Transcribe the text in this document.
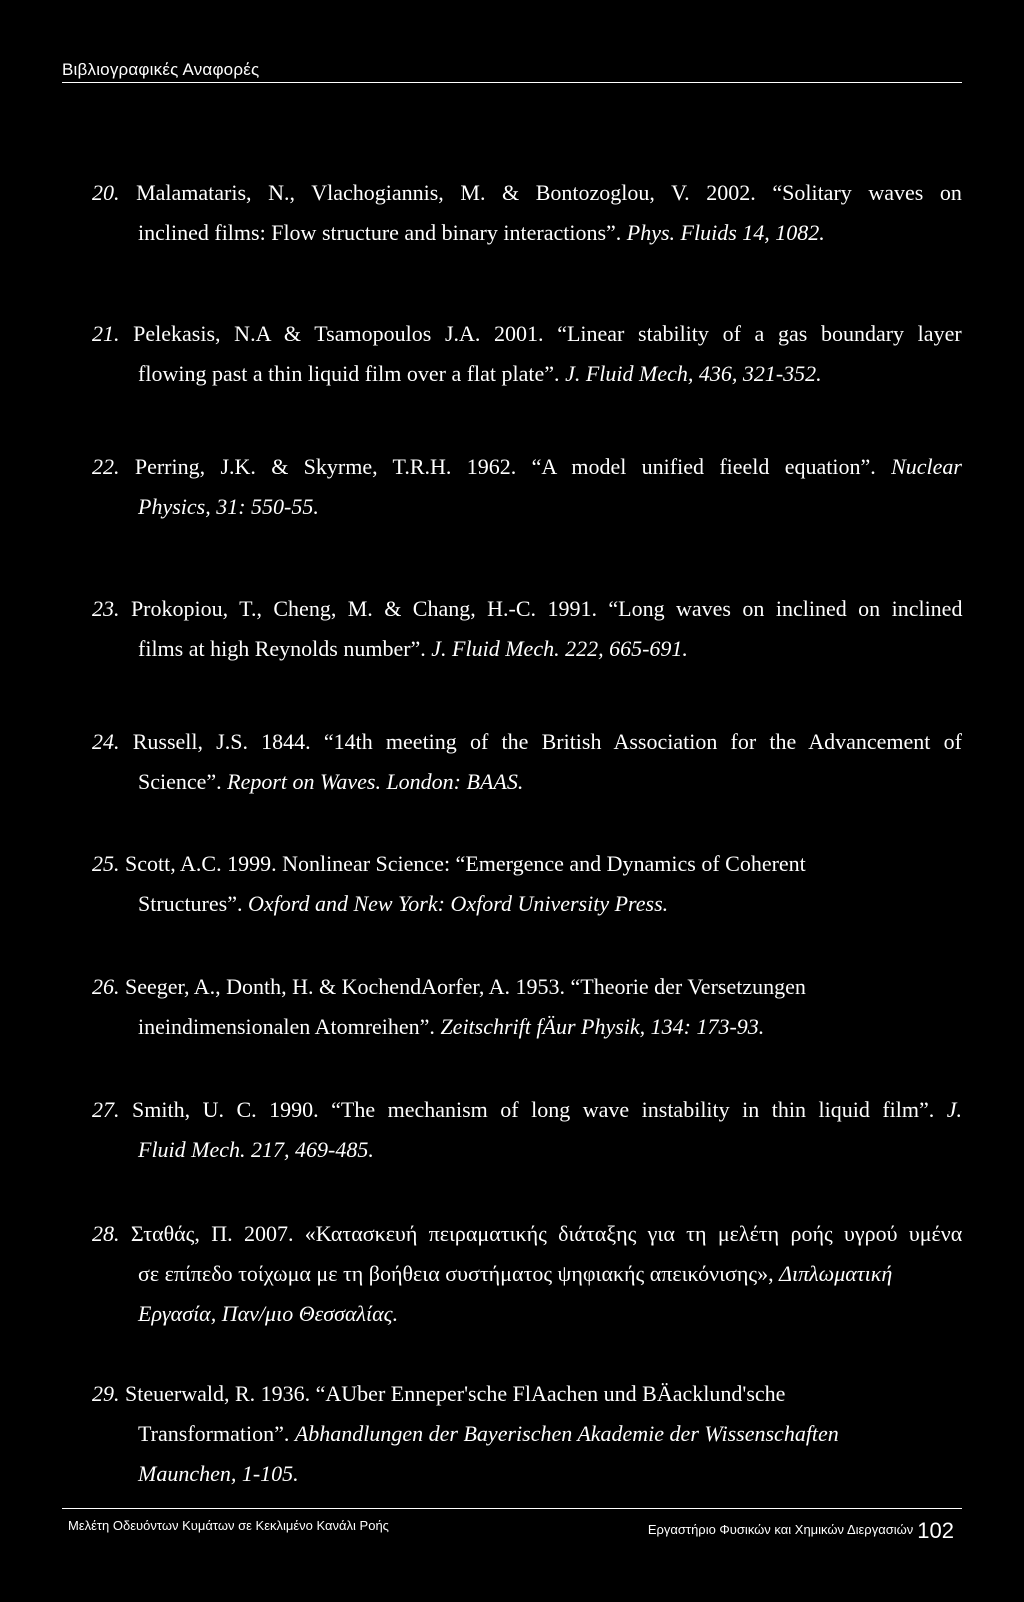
Βιβλιογραφικές Αναφορές
20. Malamataris, N., Vlachogiannis, M. & Bontozoglou, V. 2002. “Solitary waves on
inclined films: Flow structure and binary interactions”. Phys. Fluids 14, 1082.
21. Pelekasis, N.A & Tsamopoulos J.A. 2001. “Linear stability of a gas boundary layer
flowing past a thin liquid film over a flat plate”. J. Fluid Mech, 436, 321-352.
22. Perring, J.K. & Skyrme, T.R.H. 1962. “A model unified fieeld equation”. Nuclear
Physics, 31: 550-55.
23. Prokopiou, T., Cheng, M. & Chang, H.-C. 1991. “Long waves on inclined on inclined
films at high Reynolds number”. J. Fluid Mech. 222, 665-691.
24. Russell, J.S. 1844. “14th meeting of the British Association for the Advancement of
Science”. Report on Waves. London: BAAS.
25. Scott, A.C. 1999. Nonlinear Science: “Emergence and Dynamics of Coherent
Structures”. Oxford and New York: Oxford University Press.
26. Seeger, A., Donth, H. & KochendAorfer, A. 1953. “Theorie der Versetzungen
ineindimensionalen Atomreihen”. Zeitschrift fÄur Physik, 134: 173-93.
27. Smith, U. C. 1990. “The mechanism of long wave instability in thin liquid film”. J.
Fluid Mech. 217, 469-485.
28. Σταθάς, Π. 2007. «Κατασκευή πειραματικής διάταξης για τη μελέτη ροής υγρού υμένα
σε επίπεδο τοίχωμα με τη βοήθεια συστήματος ψηφιακής απεικόνισης», Διπλωματική
Εργασία, Παν/μιο Θεσσαλίας.
29. Steuerwald, R. 1936. “AUber Enneper'sche FlAachen und BÄacklund'sche
Transformation”. Abhandlungen der Bayerischen Akademie der Wissenschaften
Maunchen, 1-105.
Μελέτη Οδευόντων Κυμάτων σε Κεκλιμένο Κανάλι Ροής	Εργαστήριο Φυσικών και Χημικών Διεργασιών 102
